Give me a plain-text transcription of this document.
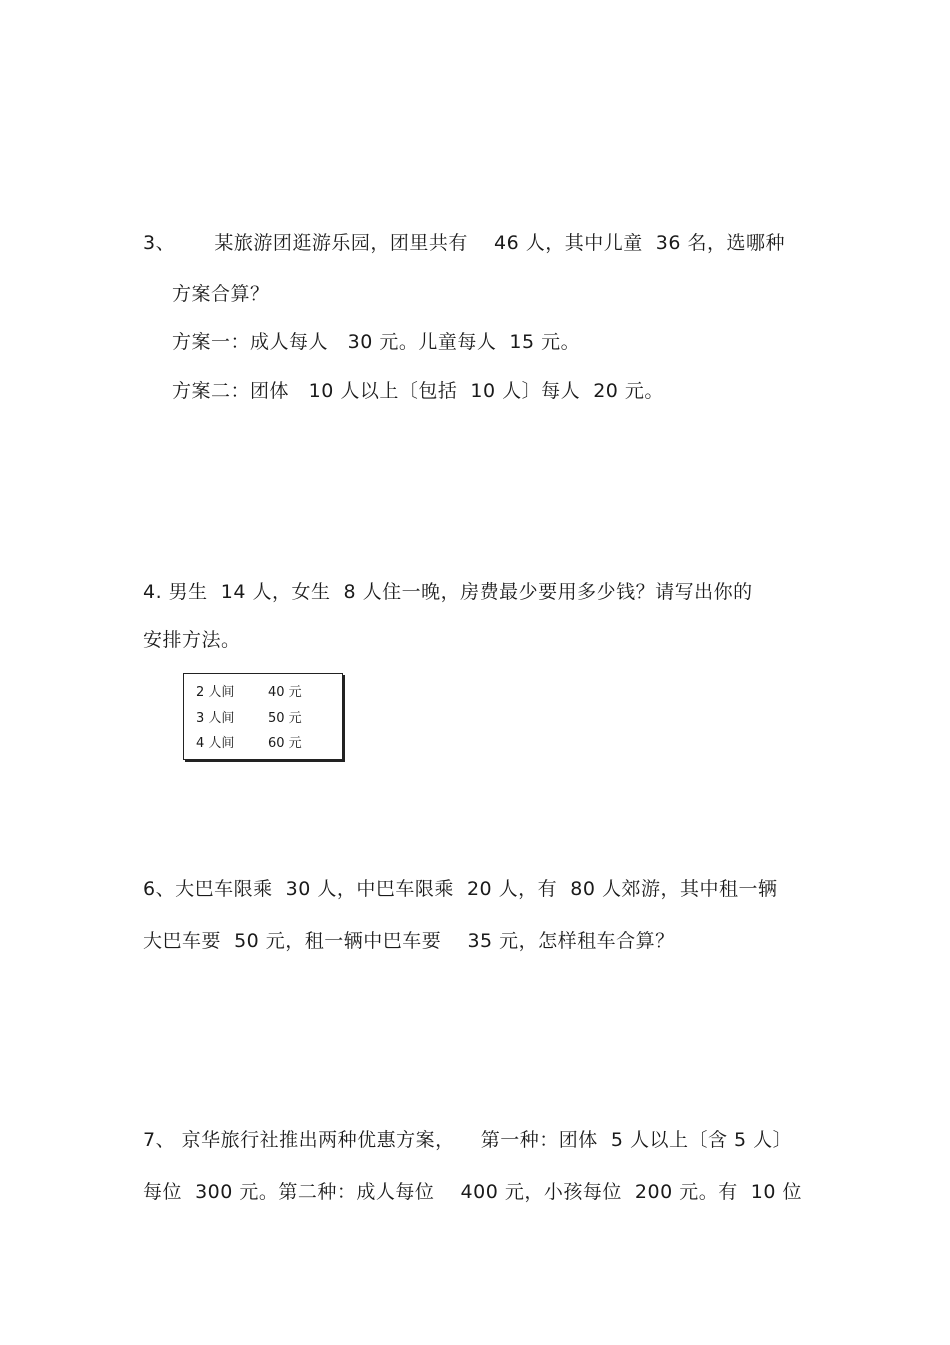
3、      某旅游团逛游乐园，团里共有    46 人，其中儿童  36 名，选哪种
方案合算？
方案一：成人每人   30 元。儿童每人  15 元。
方案二：团体   10 人以上〔包括  10 人〕每人  20 元。
4. 男生  14 人，女生  8 人住一晚，房费最少要用多少钱？请写出你的
安排方法。
2 人间	40 元
3 人间	50 元
4 人间	60 元
6、大巴车限乘  30 人，中巴车限乘  20 人，有  80 人郊游，其中租一辆
大巴车要  50 元，租一辆中巴车要    35 元，怎样租车合算？
7、 京华旅行社推出两种优惠方案，    第一种：团体  5 人以上〔含 5 人〕
每位  300 元。第二种：成人每位    400 元，小孩每位  200 元。有  10 位
